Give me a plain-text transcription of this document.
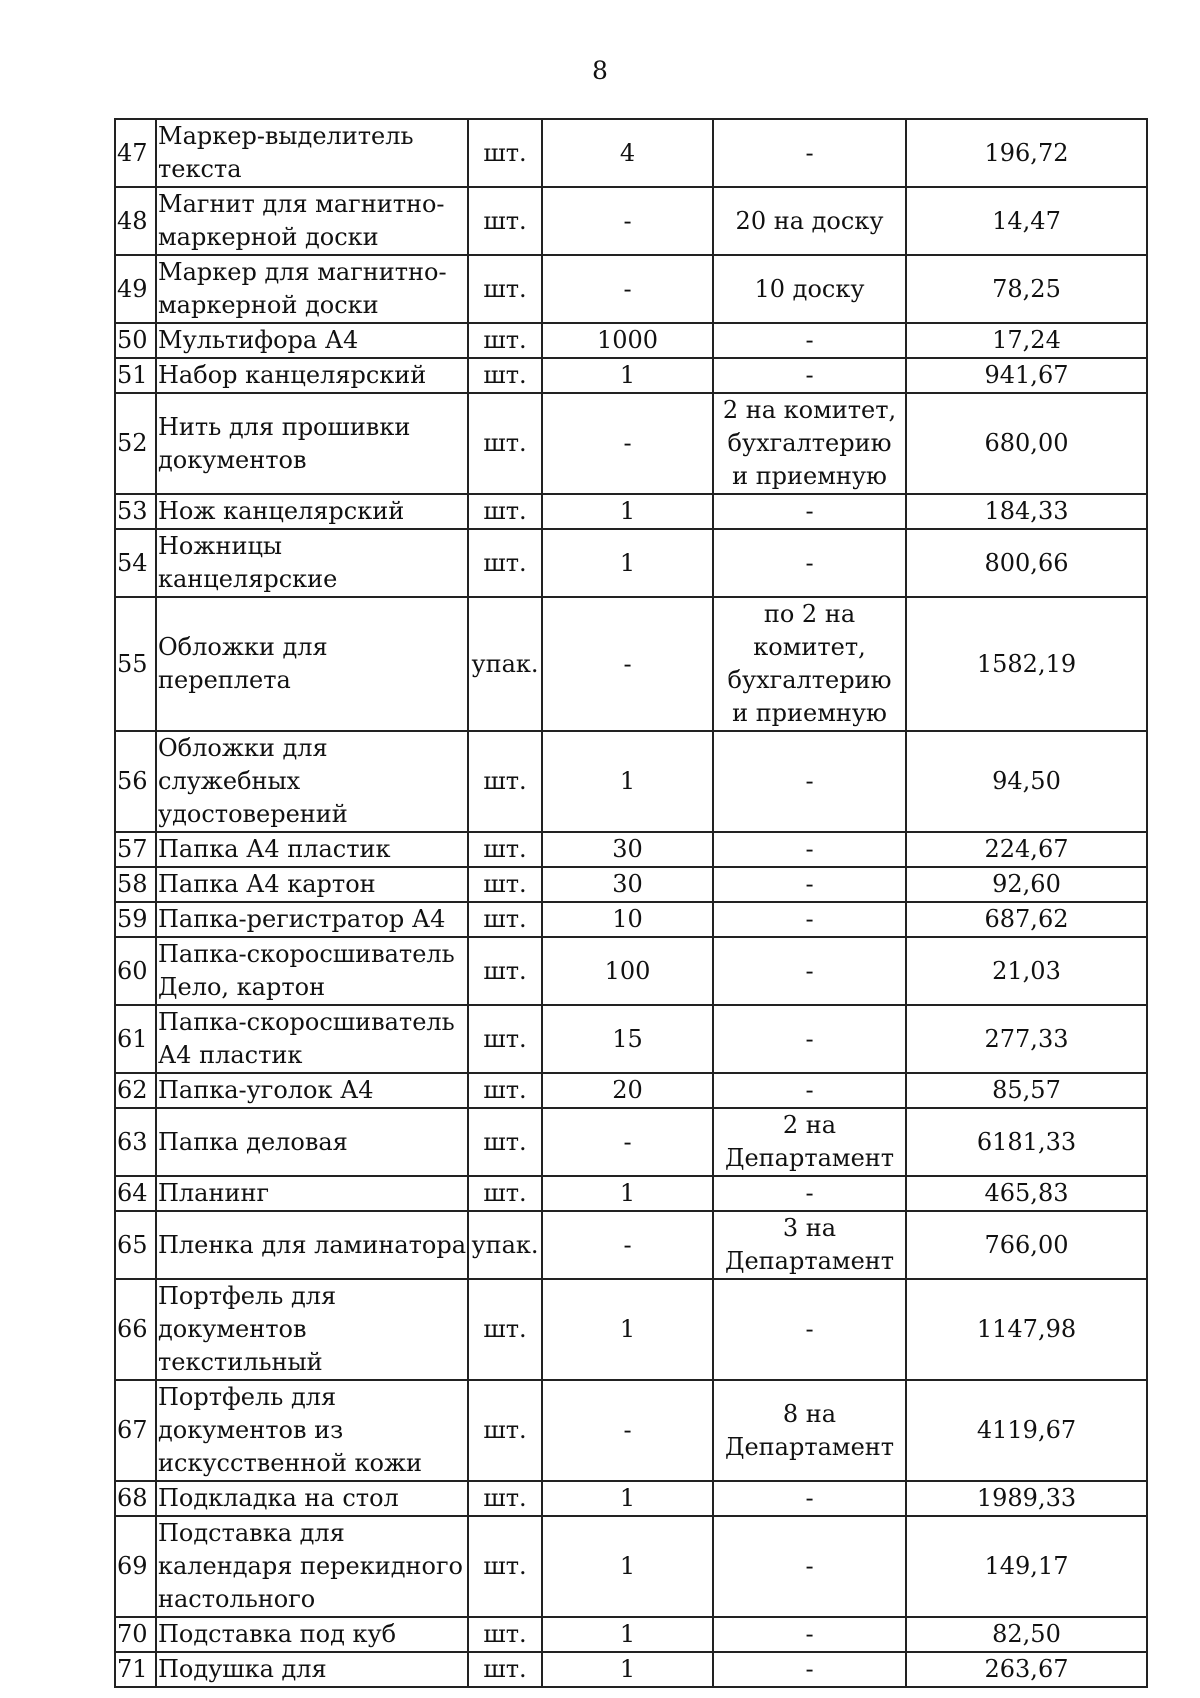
8
47	Маркер-выделитель текста	шт.	4	-	196,72
48	Магнит для магнитно-маркерной доски	шт.	-	20 на доску	14,47
49	Маркер для магнитно-маркерной доски	шт.	-	10 доску	78,25
50	Мультифора А4	шт.	1000	-	17,24
51	Набор канцелярский	шт.	1	-	941,67
52	Нить для прошивки документов	шт.	-	2 на комитет, бухгалтерию и приемную	680,00
53	Нож канцелярский	шт.	1	-	184,33
54	Ножницы канцелярские	шт.	1	-	800,66
55	Обложки для переплета	упак.	-	по 2 на комитет, бухгалтерию и приемную	1582,19
56	Обложки для служебных удостоверений	шт.	1	-	94,50
57	Папка А4 пластик	шт.	30	-	224,67
58	Папка А4 картон	шт.	30	-	92,60
59	Папка-регистратор А4	шт.	10	-	687,62
60	Папка-скоросшиватель Дело, картон	шт.	100	-	21,03
61	Папка-скоросшиватель А4 пластик	шт.	15	-	277,33
62	Папка-уголок А4	шт.	20	-	85,57
63	Папка деловая	шт.	-	2 на Департамент	6181,33
64	Планинг	шт.	1	-	465,83
65	Пленка для ламинатора	упак.	-	3 на Департамент	766,00
66	Портфель для документов текстильный	шт.	1	-	1147,98
67	Портфель для документов из искусственной кожи	шт.	-	8 на Департамент	4119,67
68	Подкладка на стол	шт.	1	-	1989,33
69	Подставка для календаря перекидного настольного	шт.	1	-	149,17
70	Подставка под куб	шт.	1	-	82,50
71	Подушка для	шт.	1	-	263,67
